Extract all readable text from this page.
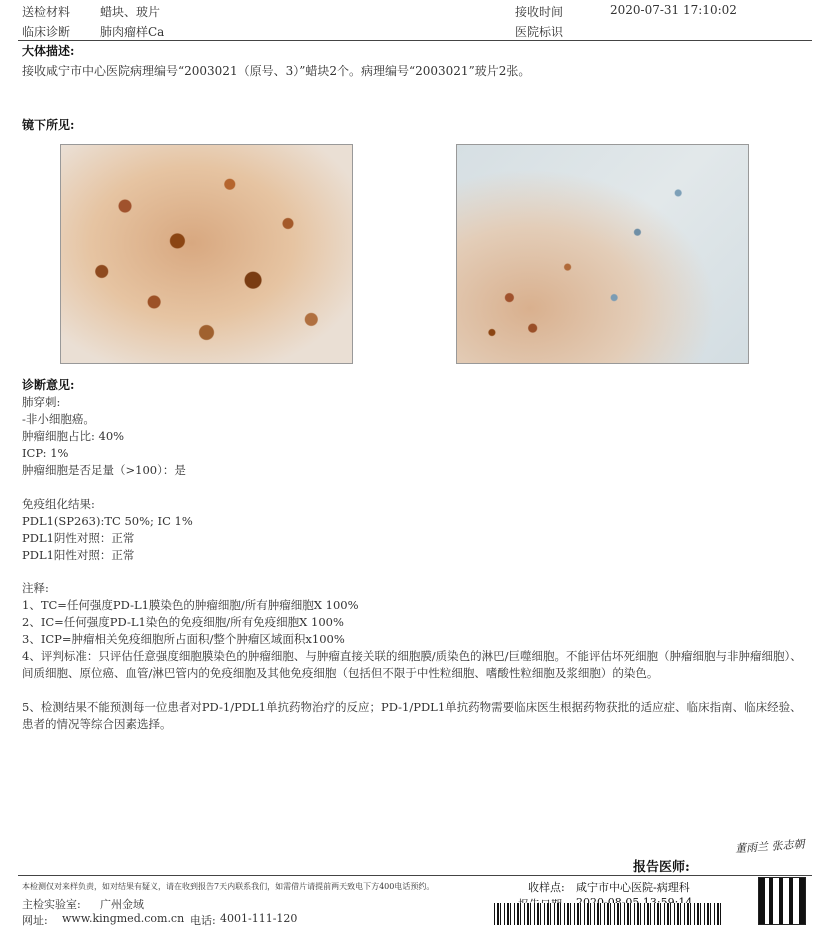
送检材料 蜡块、玻片
临床诊断 肺肉瘤样Ca
接收时间	2020-07-31 17:10:02
医院标识
大体描述:
接收咸宁市中心医院病理编号“2003021（原号、3）”蜡块2个。病理编号“2003021”玻片2张。
镜下所见:
诊断意见:
肺穿刺:
-非小细胞癌。
肿瘤细胞占比: 40%
ICP: 1%
肿瘤细胞是否足量（>100）：是
免疫组化结果:
PDL1(SP263):TC 50%; IC 1%
PDL1阴性对照：正常
PDL1阳性对照：正常
注释:
1、TC=任何强度PD-L1膜染色的肿瘤细胞/所有肿瘤细胞X 100%
2、IC=任何强度PD-L1染色的免疫细胞/所有免疫细胞X 100%
3、ICP=肿瘤相关免疫细胞所占面积/整个肿瘤区域面积x100%
4、评判标准：只评估任意强度细胞膜染色的肿瘤细胞、与肿瘤直接关联的细胞膜/质染色的淋巴/巨噬细胞。不能评估坏死细胞（肿瘤细胞与非肿瘤细胞）、间质细胞、原位癌、血管/淋巴管内的免疫细胞及其他免疫细胞（包括但不限于中性粒细胞、嗜酸性粒细胞及浆细胞）的染色。
5、检测结果不能预测每一位患者对PD-1/PDL1单抗药物治疗的反应；PD-1/PDL1单抗药物需要临床医生根据药物获批的适应症、临床指南、临床经验、患者的情况等综合因素选择。
董雨兰 张志朝
报告医师:
本检测仅对来样负责，如对结果有疑义，请在收到报告7天内联系我们，如需借片请提前两天致电下方400电话预约。	收样点: 咸宁市中心医院-病理科
主检实验室: 广州金域
网址: www.kingmed.com.cn 电话: 4001-111-120
